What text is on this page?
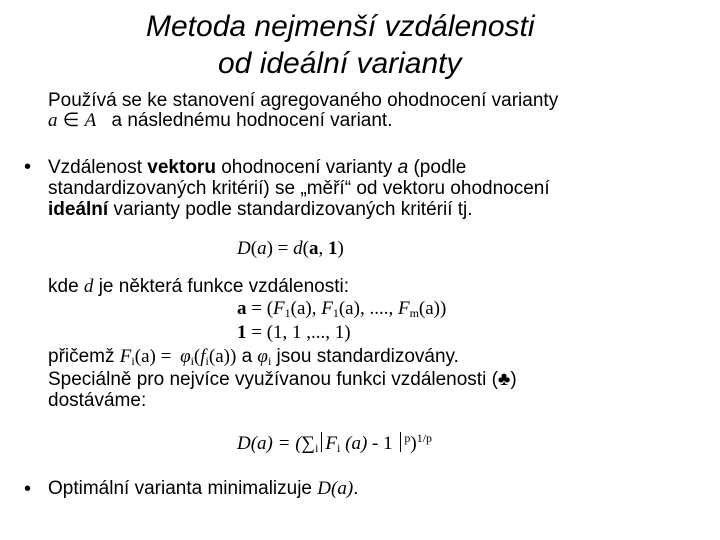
Metoda nejmenší vzdálenosti
od ideální varianty
Používá se ke stanovení agregovaného ohodnocení varianty
a ∈ A a následnému hodnocení variant.
• Vzdálenost vektoru ohodnocení varianty a (podle
standardizovaných kritérií) se „měří“ od vektoru ohodnocení
ideální varianty podle standardizovaných kritérií tj.
D(a) = d(a, 1)
kde d je některá funkce vzdálenosti:
$a = (F_1(a)$, $F_1(a)$, ...., $F_m(a)$)
1 = (1, 1 ,..., 1)
přičemž $F_i(a) = \varphi_i(f_i(a))$ a $\varphi_i$ jsou standardizovány.
Speciálně pro nejvíce využívanou funkci vzdálenosti (♣)
dostáváme:
$D(a) = (\sum_i$ $F_i$ (a) - 1 $^p$)$^{1/p}$
• Optimální varianta minimalizuje D(a).
